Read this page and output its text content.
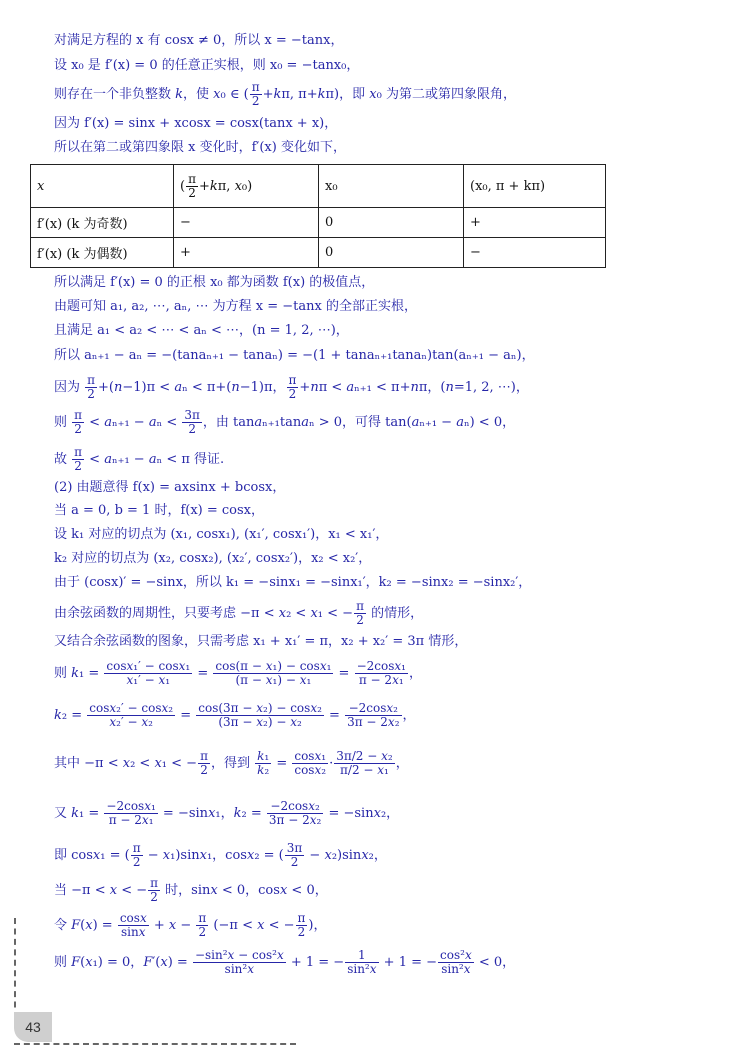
对满足方程的 x 有 cosx ≠ 0，所以 x = −tanx，
设 x₀ 是 f′(x) = 0 的任意正实根，则 x₀ = −tanx₀，
则存在一个非负整数 k，使 x₀ ∈ ( $\frac{\pi}{2} +k\pi$, π+kπ)，即 x₀ 为第二或第四象限角，
因为 f′(x) = sinx + xcosx = cosx(tanx + x)，
所以在第二或第四象限 x 变化时，f′(x) 变化如下，
x	( $\frac{\pi}{2} +k\pi$, x₀)	x₀	(x₀, π + kπ)
f′(x) (k 为奇数)	−	0	+
f′(x) (k 为偶数)	+	0	−
所以满足 f′(x) = 0 的正根 x₀ 都为函数 f(x) 的极值点，
由题可知 a₁, a₂, ⋯, aₙ, ⋯ 为方程 x = −tanx 的全部正实根，
且满足 a₁ < a₂ < ⋯ < aₙ < ⋯，(n = 1, 2, ⋯)，
所以 aₙ₊₁ − aₙ = −(tanaₙ₊₁ − tanaₙ) = −(1 + tanaₙ₊₁tanaₙ)tan(aₙ₊₁ − aₙ)，
因为 $\frac{\pi}{2} +(n-1)\pi < a_n < \pi+(n-1)\pi$， $\frac{\pi}{2} +n\pi < a_{n+1} < \pi+n\pi$，(n=1, 2, ⋯)，
则 $\frac{\pi}{2} < a_{n+1} - a_n < \frac{3\pi}{2}$ ，由 tanaₙ₊₁tanaₙ > 0，可得 tan(aₙ₊₁ − aₙ) < 0，
故 $\frac{\pi}{2} < a_{n+1} - a_n < \pi$ 得证.
(2) 由题意得 f(x) = axsinx + bcosx，
当 a = 0, b = 1 时，f(x) = cosx，
设 k₁ 对应的切点为 (x₁, cosx₁), (x₁′, cosx₁′)，x₁ < x₁′，
k₂ 对应的切点为 (x₂, cosx₂), (x₂′, cosx₂′)，x₂ < x₂′，
由于 (cosx)′ = −sinx，所以 k₁ = −sinx₁ = −sinx₁′，k₂ = −sinx₂ = −sinx₂′，
由余弦函数的周期性，只要考虑 −π < x₂ < x₁ < − $\frac{\pi}{2}$ 的情形，
又结合余弦函数的图象，只需考虑 x₁ + x₁′ = π，x₂ + x₂′ = 3π 情形，
则 $k_1 = \frac{\text{cosx₁′ − cosx₁}}{\text{x₁′ − x₁}} = \frac{\text{cos(π − x₁) − cosx₁}}{\text{(π − x₁) − x₁}} = \frac{\text{−2cosx₁}}{\text{π − 2x₁}}$ ，
$k_2 = \frac{\text{cosx₂′ − cosx₂}}{\text{x₂′ − x₂}} = \frac{\text{cos(3π − x₂) − cosx₂}}{\text{(3π − x₂) − x₂}} = \frac{\text{−2cosx₂}}{\text{3π − 2x₂}}$ ，
其中 −π < x₂ < x₁ < − $\frac{\pi}{2}$ ，得到 $\frac{\text{k₁}}{\text{k₂}} = \frac{\text{cosx₁}}{\text{cosx₂}} \cdot \frac{\text{3π/2 − x₂}}{\text{π/2 − x₁}}$ ，
又 $k_1 = \frac{\text{−2cosx₁}}{\text{π − 2x₁}} = -\sin x_1$，$k_2 = \frac{\text{−2cosx₂}}{\text{3π − 2x₂}} = -\sin x_2$，
即 cosx₁ = ( $\frac{\pi}{2} - x_1)\sin x_1$，cosx₂ = ( $\frac{3\pi}{2} - x_2)\sin x_2$，
当 −π < x < − $\frac{\pi}{2}$ 时，sinx < 0，cosx < 0，
令 $F(x) = \frac{\cos x}{\sin x} + x - \frac{\pi}{2} (-\pi < x$ < − $\frac{\pi}{2}$ )，
则 F(x₁) = 0，$F'(x) = \frac{\text{−sin²x − cos²x}}{\text{sin²x}} + 1$ = − $\frac{1}{\text{sin²x}} + 1$ = − $\frac{\text{cos²x}}{\text{sin²x}} < 0$，
43
